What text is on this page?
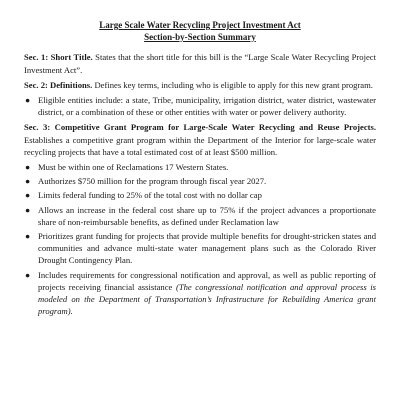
Large Scale Water Recycling Project Investment Act
Section-by-Section Summary

Sec. 1: Short Title. States that the short title for this bill is the “Large Scale Water Recycling Project Investment Act”.

Sec. 2: Definitions. Defines key terms, including who is eligible to apply for this new grant program.

● Eligible entities include: a state, Tribe, municipality, irrigation district, water district, wastewater district, or a combination of these or other entities with water or power delivery authority.

Sec. 3: Competitive Grant Program for Large-Scale Water Recycling and Reuse Projects. Establishes a competitive grant program within the Department of the Interior for large-scale water recycling projects that have a total estimated cost of at least $500 million.

● Must be within one of Reclamations 17 Western States.
● Authorizes $750 million for the program through fiscal year 2027.
● Limits federal funding to 25% of the total cost with no dollar cap
● Allows an increase in the federal cost share up to 75% if the project advances a proportionate share of non-reimbursable benefits, as defined under Reclamation law
● Prioritizes grant funding for projects that provide multiple benefits for drought-stricken states and communities and advance multi-state water management plans such as the Colorado River Drought Contingency Plan.
● Includes requirements for congressional notification and approval, as well as public reporting of projects receiving financial assistance (The congressional notification and approval process is modeled on the Department of Transportation’s Infrastructure for Rebuilding America grant program).
